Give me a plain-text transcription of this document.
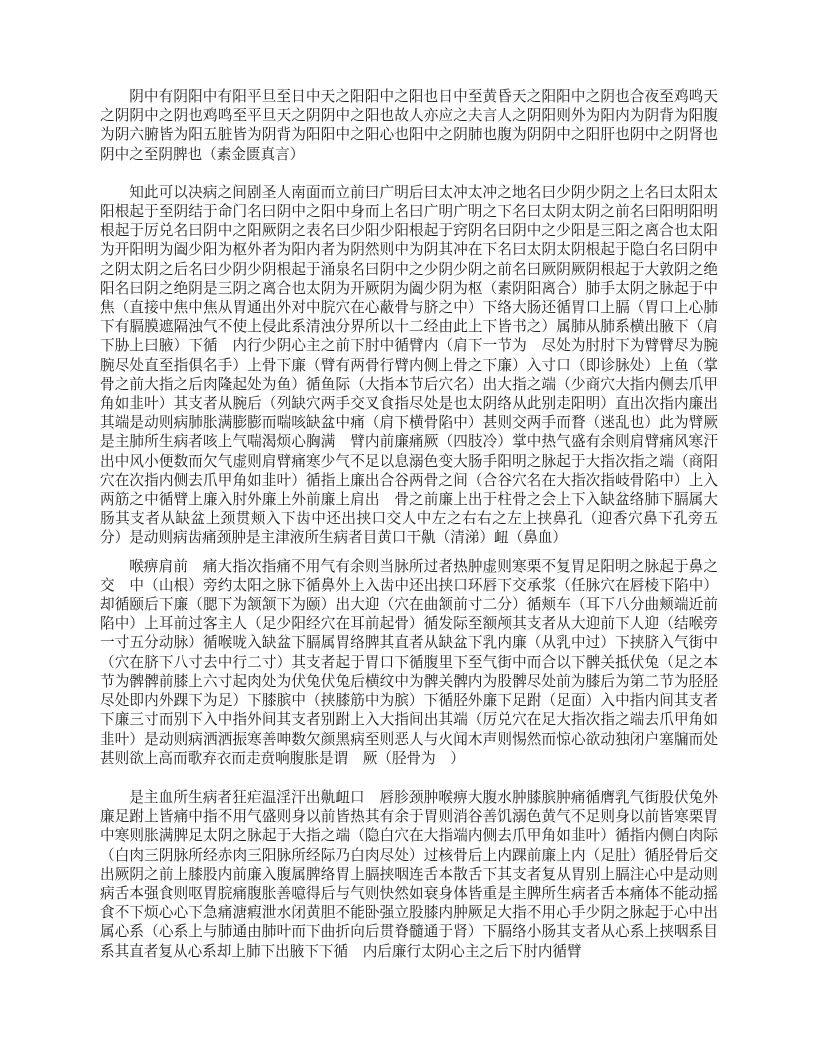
阴中有阴阳中有阳平旦至日中天之阳阳中之阳也日中至黄昏天之阳阳中之阴也合夜至鸡鸣天之阴阴中之阴也鸡鸣至平旦天之阴阴中之阳也故人亦应之夫言人之阴阳则外为阳内为阴背为阳腹为阴六腑皆为阳五脏皆为阴背为阳阳中之阳心也阳中之阴肺也腹为阴阴中之阳肝也阴中之阴肾也阴中之至阴脾也（素金匮真言）

知此可以决病之间剧圣人南面而立前曰广明后曰太冲太冲之地名曰少阴少阴之上名曰太阳太阳根起于至阴结于命门名曰阴中之阳中身而上名曰广明广明之下名曰太阴太阴之前名曰阳明阳明根起于厉兑名曰阴中之阳厥阴之表名曰少阳少阳根起于窍阴名曰阴中之少阳是三阳之离合也太阳为开阳明为阖少阳为枢外者为阳内者为阴然则中为阴其冲在下名曰太阴太阴根起于隐白名曰阴中之阴太阴之后名曰少阴少阴根起于涌泉名曰阴中之少阴少阴之前名曰厥阴厥阴根起于大敦阴之绝阳名曰阴之绝阴是三阴之离合也太阴为开厥阴为阖少阴为枢（素阴阳离合）肺手太阴之脉起于中焦（直接中焦中焦从胃通出外对中脘穴在心蔽骨与脐之中）下络大肠还循胃口上膈（胃口上心肺下有膈膜遮隔浊气不使上侵此系清浊分界所以十二经由此上下皆书之）属肺从肺系横出腋下（肩下胁上曰腋）下循　内行少阴心主之前下肘中循臂内（肩下一节为　尽处为肘肘下为臂臂尽为腕腕尽处直至指俱名手）上骨下廉（臂有两骨行臂内侧上骨之下廉）入寸口（即诊脉处）上鱼（掌骨之前大指之后肉隆起处为鱼）循鱼际（大指本节后穴名）出大指之端（少商穴大指内侧去爪甲角如韭叶）其支者从腕后（列缺穴两手交叉食指尽处是也太阴络从此别走阳明）直出次指内廉出其端是动则病肺胀满膨膨而喘咳缺盆中痛（肩下横骨陷中）甚则交两手而瞀（迷乱也）此为臂厥是主肺所生病者咳上气喘渴烦心胸满　臂内前廉痛厥（四肢冷）掌中热气盛有余则肩臂痛风寒汗出中风小便数而欠气虚则肩臂痛寒少气不足以息溺色变大肠手阳明之脉起于大指次指之端（商阳穴在次指内侧去爪甲角如韭叶）循指上廉出合谷两骨之间（合谷穴名在大指次指岐骨陷中）上入两筋之中循臂上廉入肘外廉上外前廉上肩出　骨之前廉上出于柱骨之会上下入缺盆络肺下膈属大肠其支者从缺盆上颈贯颊入下齿中还出挟口交人中左之右右之左上挟鼻孔（迎香穴鼻下孔旁五分）是动则病齿痛颈肿是主津液所生病者目黄口干鼽（清涕）衄（鼻血）

喉痹肩前　痛大指次指痛不用气有余则当脉所过者热肿虚则寒栗不复胃足阳明之脉起于鼻之交　中（山根）旁约太阳之脉下循鼻外上入齿中还出挟口环唇下交承浆（任脉穴在唇棱下陷中）却循颐后下廉（腮下为颔颔下为颐）出大迎（穴在曲颔前寸二分）循颊车（耳下八分曲颊端近前陷中）上耳前过客主人（足少阳经穴在耳前起骨）循发际至额颅其支者从大迎前下人迎（结喉旁一寸五分动脉）循喉咙入缺盆下膈属胃络脾其直者从缺盆下乳内廉（从乳中过）下挟脐入气街中（穴在脐下八寸去中行二寸）其支者起于胃口下循腹里下至气街中而合以下髀关抵伏兔（足之本节为髀髀前膝上六寸起肉处为伏兔伏兔后横纹中为髀关髀内为股髀尽处前为膝后为第二节为胫胫尽处即内外踝下为足）下膝膑中（挟膝筋中为膑）下循胫外廉下足跗（足面）入中指内间其支者下廉三寸而别下入中指外间其支者别跗上入大指间出其端（厉兑穴在足大指次指之端去爪甲角如韭叶）是动则病洒洒振寒善呻数欠颜黑病至则恶人与火闻木声则惕然而惊心欲动独闭户塞牖而处甚则欲上高而歌弃衣而走贲响腹胀是谓　厥（胫骨为　）

是主血所生病者狂疟温淫汗出鼽衄口　唇胗颈肿喉痹大腹水肿膝膑肿痛循膺乳气街股伏兔外廉足跗上皆痛中指不用气盛则身以前皆热其有余于胃则消谷善饥溺色黄气不足则身以前皆寒栗胃中寒则胀满脾足太阴之脉起于大指之端（隐白穴在大指端内侧去爪甲角如韭叶）循指内侧白肉际（白肉三阴脉所经赤肉三阳脉所经际乃白肉尽处）过核骨后上内踝前廉上内（足肚）循胫骨后交出厥阴之前上膝股内前廉入腹属脾络胃上膈挟咽连舌本散舌下其支者复从胃别上膈注心中是动则病舌本强食则呕胃脘痛腹胀善噫得后与气则快然如衰身体皆重是主脾所生病者舌本痛体不能动摇食不下烦心心下急痛溏瘕泄水闭黄胆不能卧强立股膝内肿厥足大指不用心手少阴之脉起于心中出属心系（心系上与肺通由肺叶而下曲折向后贯脊髓通于肾）下膈络小肠其支者从心系上挟咽系目系其直者复从心系却上肺下出腋下下循　内后廉行太阴心主之后下肘内循臂
